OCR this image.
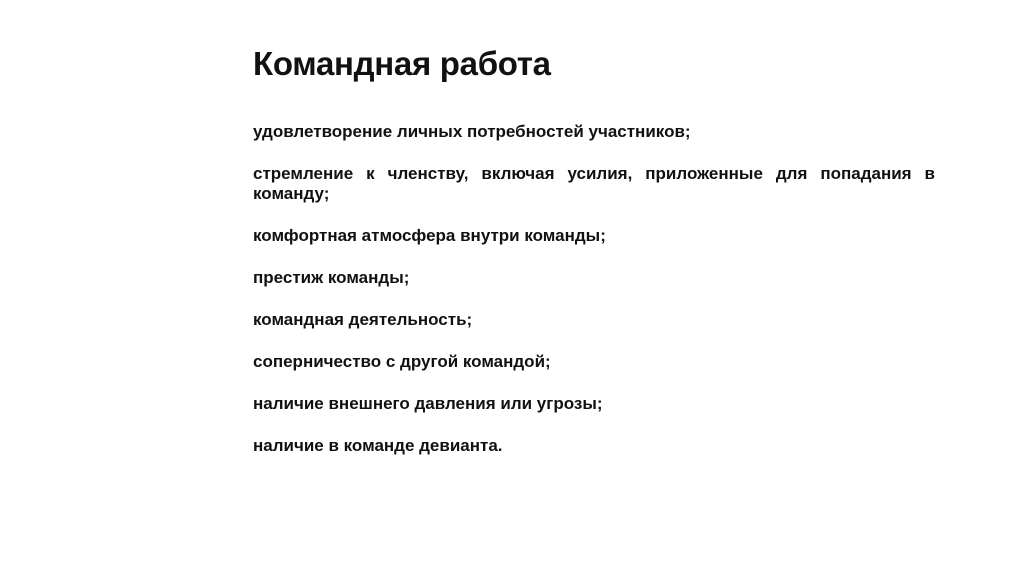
Командная работа
удовлетворение личных потребностей участников;
стремление к членству, включая усилия, приложенные для попадания в команду;
комфортная атмосфера внутри команды;
престиж команды;
командная деятельность;
соперничество с другой командой;
наличие внешнего давления или угрозы;
наличие в команде девианта.
